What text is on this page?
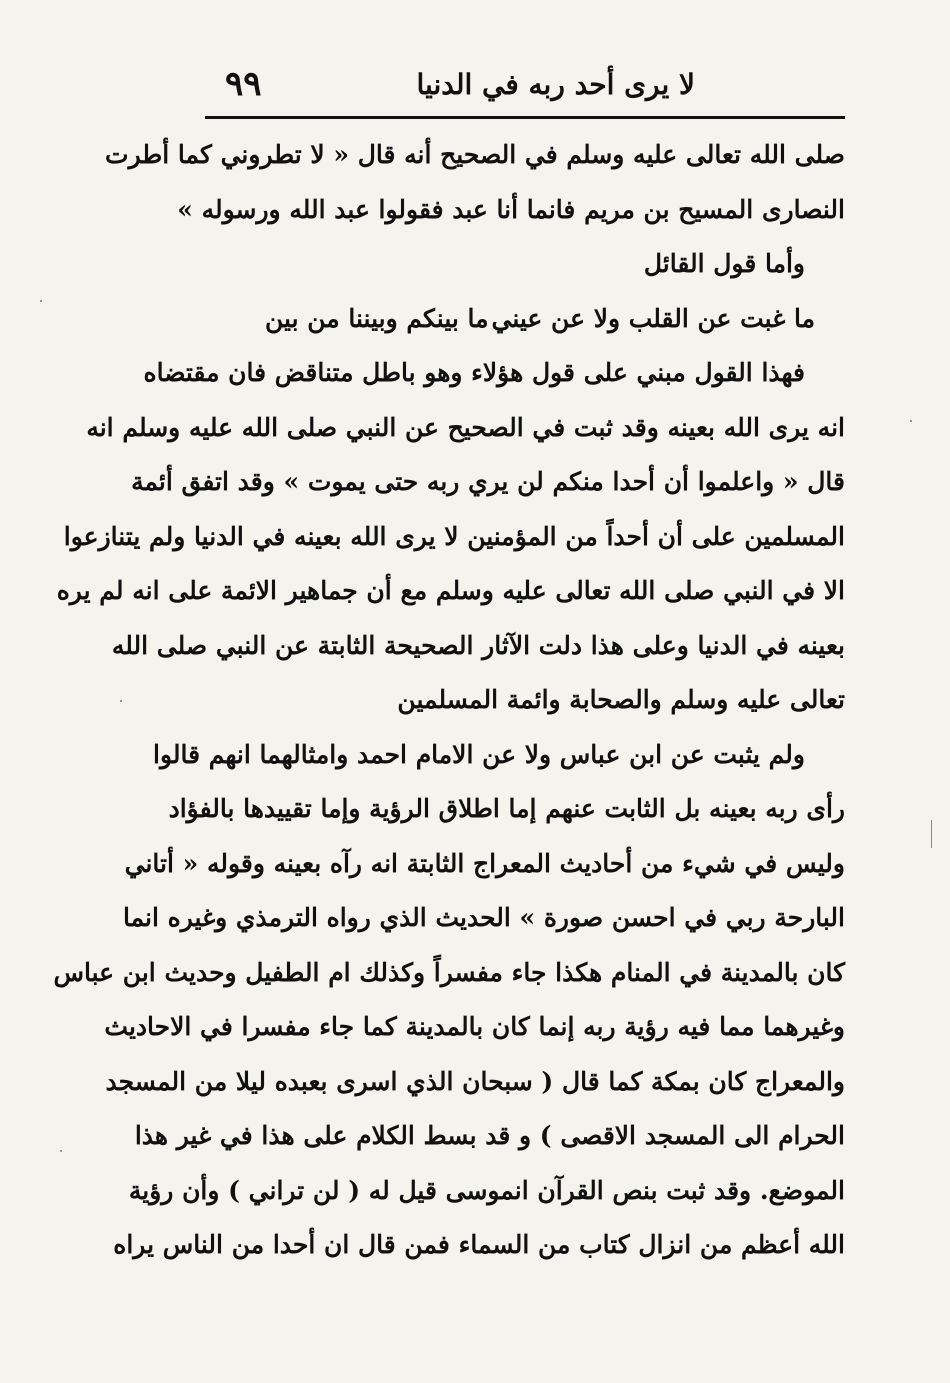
لا يرى أحد ربه في الدنيا
٩٩
صلى الله تعالى عليه وسلم في الصحيح أنه قال « لا تطروني كما أطرت
النصارى المسيح بن مريم فانما أنا عبد فقولوا عبد الله ورسوله »
وأما قول القائل
ما غبت عن القلب ولا عن عيني
ما بينكم وبيننا من بين
فهذا القول مبني على قول هؤلاء وهو باطل متناقض فان مقتضاه
انه يرى الله بعينه وقد ثبت في الصحيح عن النبي صلى الله عليه وسلم انه
قال « واعلموا أن أحدا منكم لن يري ربه حتى يموت » وقد اتفق أئمة
المسلمين على أن أحداً من المؤمنين لا يرى الله بعينه في الدنيا ولم يتنازعوا
الا في النبي صلى الله تعالى عليه وسلم مع أن جماهير الائمة على انه لم يره
بعينه في الدنيا وعلى هذا دلت الآثار الصحيحة الثابتة عن النبي صلى الله
تعالى عليه وسلم والصحابة وائمة المسلمين
ولم يثبت عن ابن عباس ولا عن الامام احمد وامثالهما انهم قالوا
رأى ربه بعينه بل الثابت عنهم إما اطلاق الرؤية وإما تقييدها بالفؤاد
وليس في شيء من أحاديث المعراج الثابتة انه رآه بعينه وقوله « أتاني
البارحة ربي في احسن صورة » الحديث الذي رواه الترمذي وغيره انما
كان بالمدينة في المنام هكذا جاء مفسراً وكذلك ام الطفيل وحديث ابن عباس
وغيرهما مما فيه رؤية ربه إنما كان بالمدينة كما جاء مفسرا في الاحاديث
والمعراج كان بمكة كما قال ( سبحان الذي اسرى بعبده ليلا من المسجد
الحرام الى المسجد الاقصى ) و قد بسط الكلام على هذا في غير هذا
الموضع. وقد ثبت بنص القرآن انموسى قيل له ( لن تراني ) وأن رؤية
الله أعظم من انزال كتاب من السماء فمن قال ان أحدا من الناس يراه
